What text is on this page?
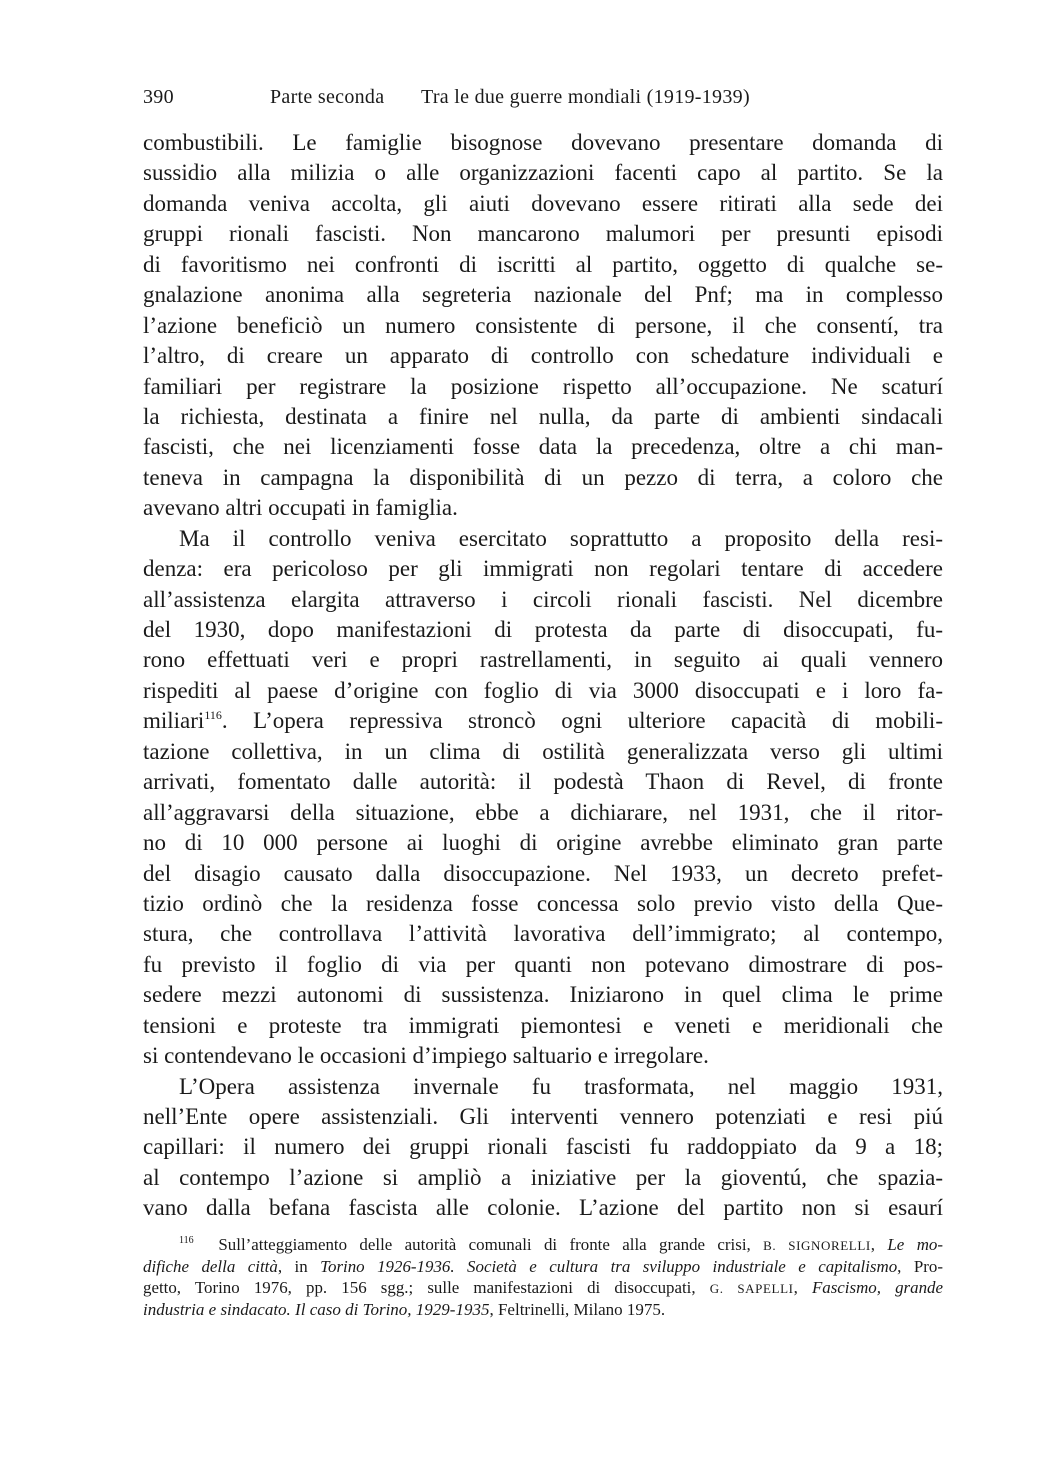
390	Parte seconda Tra le due guerre mondiali (1919-1939)
combustibili. Le famiglie bisognose dovevano presentare domanda di
sussidio alla milizia o alle organizzazioni facenti capo al partito. Se la
domanda veniva accolta, gli aiuti dovevano essere ritirati alla sede dei
gruppi rionali fascisti. Non mancarono malumori per presunti episodi
di favoritismo nei confronti di iscritti al partito, oggetto di qualche se-
gnalazione anonima alla segreteria nazionale del Pnf; ma in complesso
l’azione beneficiò un numero consistente di persone, il che consentí, tra
l’altro, di creare un apparato di controllo con schedature individuali e
familiari per registrare la posizione rispetto all’occupazione. Ne scaturí
la richiesta, destinata a finire nel nulla, da parte di ambienti sindacali
fascisti, che nei licenziamenti fosse data la precedenza, oltre a chi man-
teneva in campagna la disponibilità di un pezzo di terra, a coloro che
avevano altri occupati in famiglia.
Ma il controllo veniva esercitato soprattutto a proposito della resi-
denza: era pericoloso per gli immigrati non regolari tentare di accedere
all’assistenza elargita attraverso i circoli rionali fascisti. Nel dicembre
del 1930, dopo manifestazioni di protesta da parte di disoccupati, fu-
rono effettuati veri e propri rastrellamenti, in seguito ai quali vennero
rispediti al paese d’origine con foglio di via 3000 disoccupati e i loro fa-
miliari$^{116}$. L’opera repressiva stroncò ogni ulteriore capacità di mobili-
tazione collettiva, in un clima di ostilità generalizzata verso gli ultimi
arrivati, fomentato dalle autorità: il podestà Thaon di Revel, di fronte
all’aggravarsi della situazione, ebbe a dichiarare, nel 1931, che il ritor-
no di 10 000 persone ai luoghi di origine avrebbe eliminato gran parte
del disagio causato dalla disoccupazione. Nel 1933, un decreto prefet-
tizio ordinò che la residenza fosse concessa solo previo visto della Que-
stura, che controllava l’attività lavorativa dell’immigrato; al contempo,
fu previsto il foglio di via per quanti non potevano dimostrare di pos-
sedere mezzi autonomi di sussistenza. Iniziarono in quel clima le prime
tensioni e proteste tra immigrati piemontesi e veneti e meridionali che
si contendevano le occasioni d’impiego saltuario e irregolare.
L’Opera assistenza invernale fu trasformata, nel maggio 1931,
nell’Ente opere assistenziali. Gli interventi vennero potenziati e resi piú
capillari: il numero dei gruppi rionali fascisti fu raddoppiato da 9 a 18;
al contempo l’azione si ampliò a iniziative per la gioventú, che spazia-
vano dalla befana fascista alle colonie. L’azione del partito non si esaurí
$^{116}$ Sull’atteggiamento delle autorità comunali di fronte alla grande crisi, B. SIGNORELLI, Le mo-
difiche della città, in Torino 1926-1936. Società e cultura tra sviluppo industriale e capitalismo, Pro-
getto, Torino 1976, pp. 156 sgg.; sulle manifestazioni di disoccupati, G. SAPELLI, Fascismo, grande
industria e sindacato. Il caso di Torino, 1929-1935, Feltrinelli, Milano 1975.
